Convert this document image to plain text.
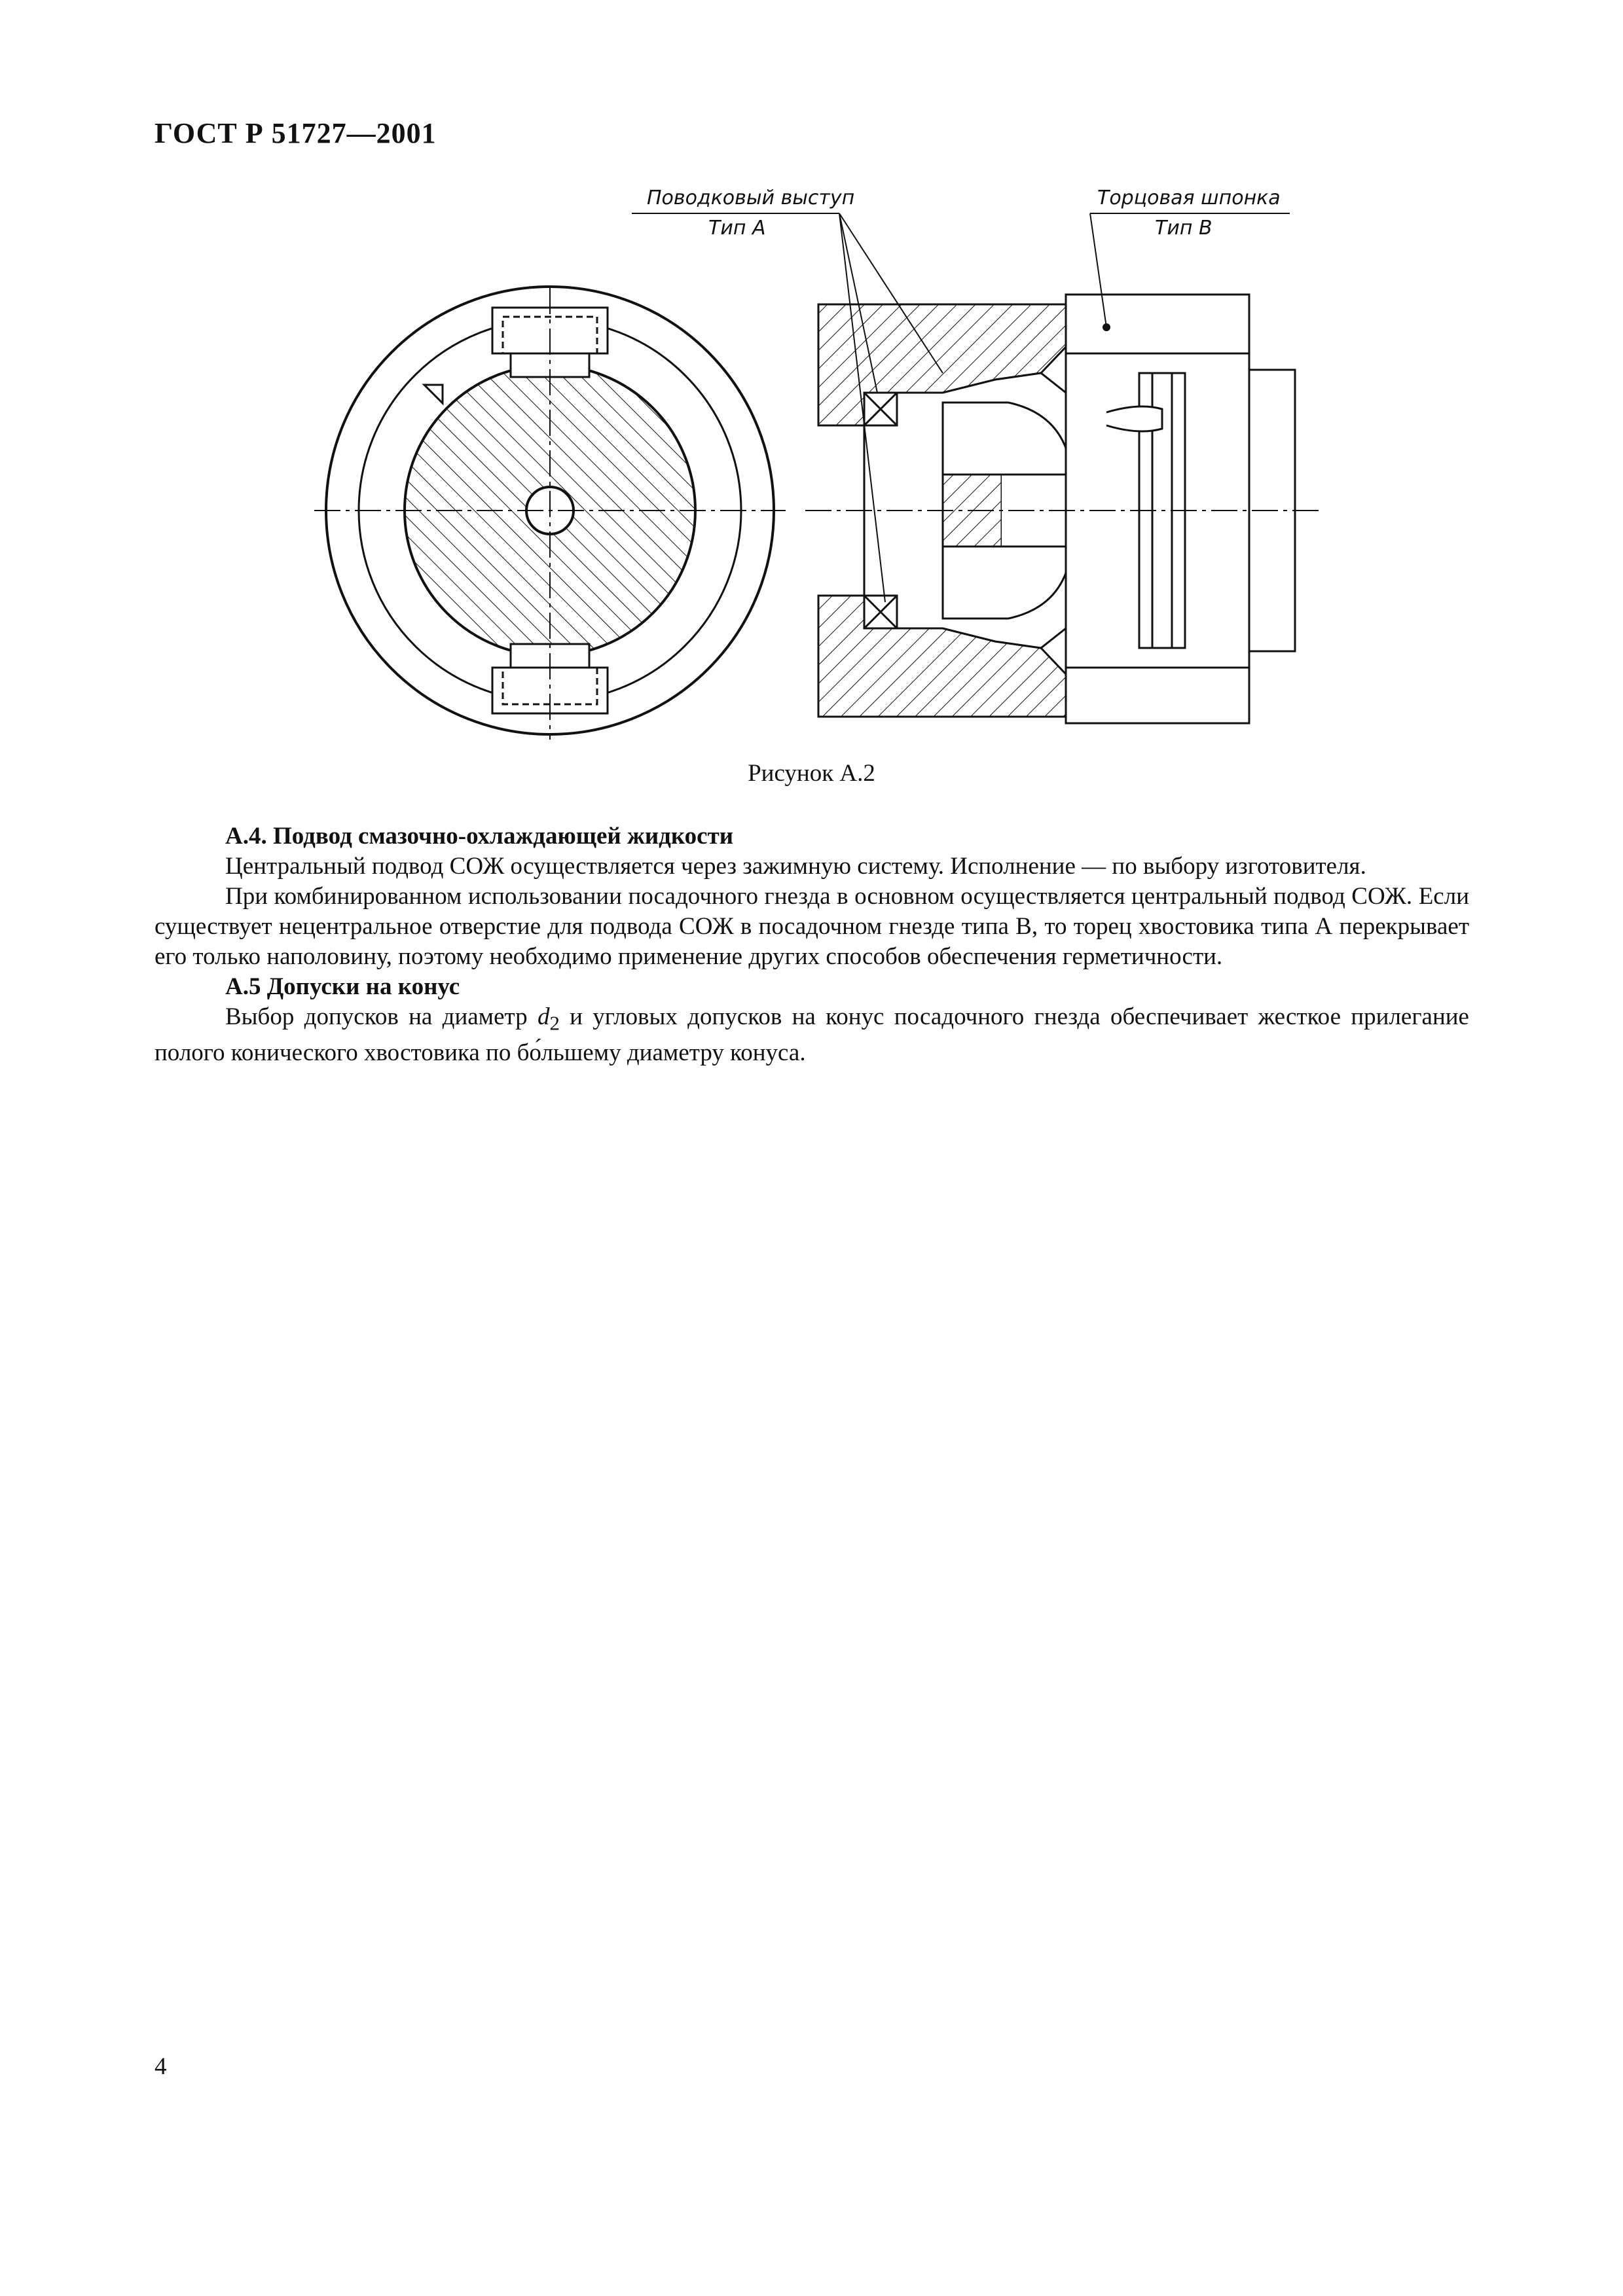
ГОСТ Р 51727—2001
Поводковый выступ
Тип А
Торцовая шпонка
Тип В
Рисунок А.2
А.4. Подвод смазочно-охлаждающей жидкости

Центральный подвод СОЖ осуществляется через зажимную систему. Исполнение — по выбору изготовителя.

При комбинированном использовании посадочного гнезда в основном осуществляется центральный подвод СОЖ. Если существует нецентральное отверстие для подвода СОЖ в посадочном гнезде типа В, то торец хвостовика типа А перекрывает его только наполовину, поэтому необходимо применение других способов обеспечения герметичности.

А.5 Допуски на конус

Выбор допусков на диаметр $d_2$ и угловых допусков на конус посадочного гнезда обеспечивает жесткое прилегание полого конического хвостовика по бо́льшему диаметру конуса.

4
